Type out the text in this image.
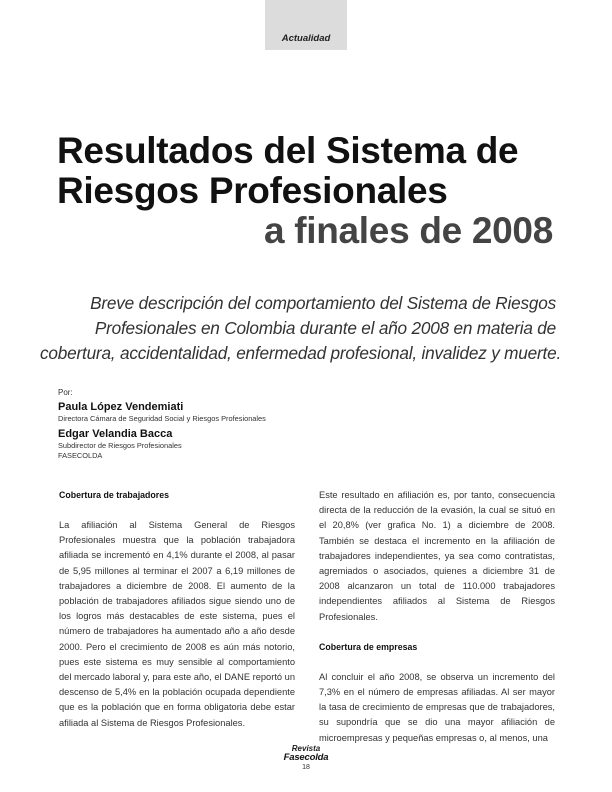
Actualidad
Resultados del Sistema de
Riesgos Profesionales
a finales de 2008
Breve descripción del comportamiento del Sistema de Riesgos
Profesionales en Colombia durante el año 2008 en materia de
cobertura, accidentalidad, enfermedad profesional, invalidez y muerte.
Por:
Paula López Vendemiati
Directora Cámara de Seguridad Social y Riesgos Profesionales
Edgar Velandia Bacca
Subdirector de Riesgos Profesionales
FASECOLDA
Cobertura de trabajadores

La afiliación al Sistema General de Riesgos Profesionales muestra que la población trabajadora afiliada se incrementó en 4,1% durante el 2008, al pasar de 5,95 millones al terminar el 2007 a 6,19 millones de trabajadores a diciembre de 2008. El aumento de la población de trabajadores afiliados sigue siendo uno de los logros más destacables de este sistema, pues el número de trabajadores ha aumentado año a año desde 2000. Pero el crecimiento de 2008 es aún más notorio, pues este sistema es muy sensible al comportamiento del mercado laboral y, para este año, el DANE reportó un descenso de 5,4% en la población ocupada dependiente que es la población que en forma obligatoria debe estar afiliada al Sistema de Riesgos Profesionales.

Este resultado en afiliación es, por tanto, consecuencia directa de la reducción de la evasión, la cual se situó en el 20,8% (ver grafica No. 1) a diciembre de 2008. También se destaca el incremento en la afiliación de trabajadores independientes, ya sea como contratistas, agremiados o asociados, quienes a diciembre 31 de 2008 alcanzaron un total de 110.000 trabajadores independientes afiliados al Sistema de Riesgos Profesionales.

Cobertura de empresas

Al concluir el año 2008, se observa un incremento del 7,3% en el número de empresas afiliadas. Al ser mayor la tasa de crecimiento de empresas que de trabajadores, su supondría que se dio una mayor afiliación de microempresas y pequeñas empresas o, al menos, una

Revista
Fasecolda
18
